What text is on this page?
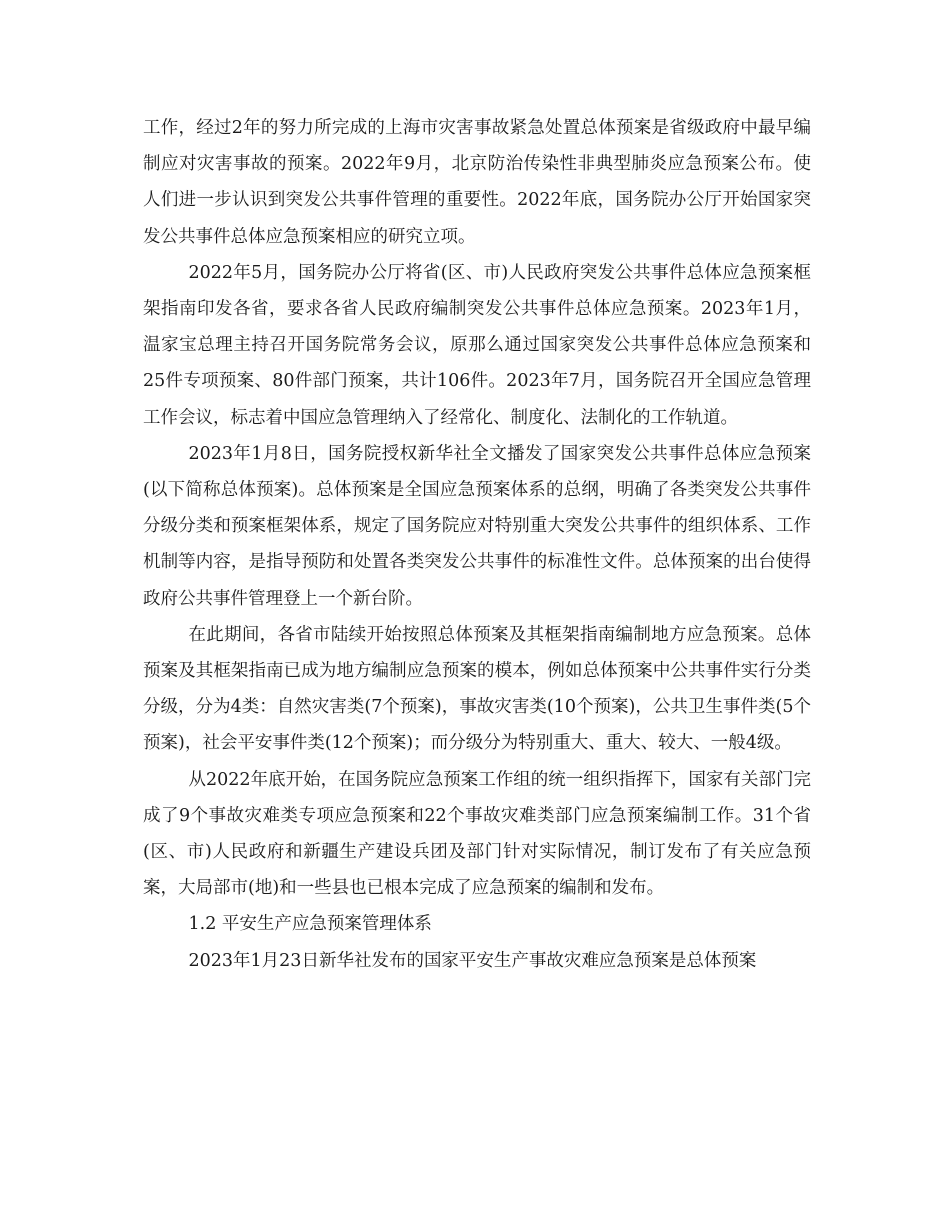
工作，经过2年的努力所完成的上海市灾害事故紧急处置总体预案是省级政府中最早编制应对灾害事故的预案。2022年9月，北京防治传染性非典型肺炎应急预案公布。使人们进一步认识到突发公共事件管理的重要性。2022年底，国务院办公厅开始国家突发公共事件总体应急预案相应的研究立项。

2022年5月，国务院办公厅将省(区、市)人民政府突发公共事件总体应急预案框架指南印发各省，要求各省人民政府编制突发公共事件总体应急预案。2023年1月，温家宝总理主持召开国务院常务会议，原那么通过国家突发公共事件总体应急预案和25件专项预案、80件部门预案，共计106件。2023年7月，国务院召开全国应急管理工作会议，标志着中国应急管理纳入了经常化、制度化、法制化的工作轨道。

2023年1月8日，国务院授权新华社全文播发了国家突发公共事件总体应急预案(以下简称总体预案)。总体预案是全国应急预案体系的总纲，明确了各类突发公共事件分级分类和预案框架体系，规定了国务院应对特别重大突发公共事件的组织体系、工作机制等内容，是指导预防和处置各类突发公共事件的标准性文件。总体预案的出台使得政府公共事件管理登上一个新台阶。

在此期间，各省市陆续开始按照总体预案及其框架指南编制地方应急预案。总体预案及其框架指南已成为地方编制应急预案的模本，例如总体预案中公共事件实行分类分级，分为4类：自然灾害类(7个预案)，事故灾害类(10个预案)，公共卫生事件类(5个预案)，社会平安事件类(12个预案)；而分级分为特别重大、重大、较大、一般4级。

从2022年底开始，在国务院应急预案工作组的统一组织指挥下，国家有关部门完成了9个事故灾难类专项应急预案和22个事故灾难类部门应急预案编制工作。31个省(区、市)人民政府和新疆生产建设兵团及部门针对实际情况，制订发布了有关应急预案，大局部市(地)和一些县也已根本完成了应急预案的编制和发布。

1.2 平安生产应急预案管理体系

2023年1月23日新华社发布的国家平安生产事故灾难应急预案是总体预案
